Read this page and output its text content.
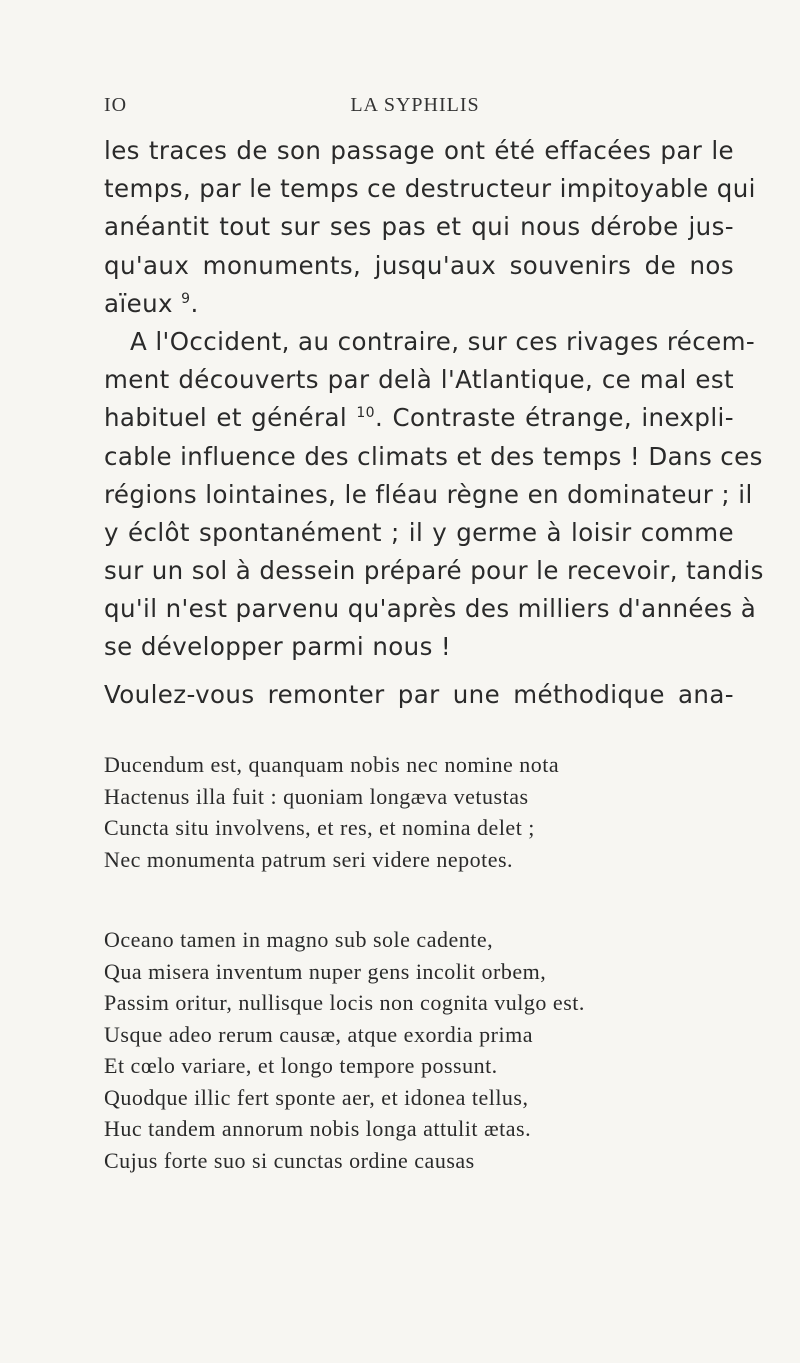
IO	LA SYPHILIS
les traces de son passage ont été effacées par le
temps, par le temps ce destructeur impitoyable qui
anéantit tout sur ses pas et qui nous dérobe jus-
qu'aux monuments, jusqu'aux souvenirs de nos
aïeux $^9$.
A l'Occident, au contraire, sur ces rivages récem-
ment découverts par delà l'Atlantique, ce mal est
habituel et général $^{10}$. Contraste étrange, inexpli-
cable influence des climats et des temps ! Dans ces
régions lointaines, le fléau règne en dominateur ; il
y éclôt spontanément ; il y germe à loisir comme
sur un sol à dessein préparé pour le recevoir, tandis
qu'il n'est parvenu qu'après des milliers d'années à
se développer parmi nous !
Voulez-vous remonter par une méthodique ana-
Ducendum est, quanquam nobis nec nomine nota
Hactenus illa fuit : quoniam longæva vetustas
Cuncta situ involvens, et res, et nomina delet ;
Nec monumenta patrum seri videre nepotes.
Oceano tamen in magno sub sole cadente,
Qua misera inventum nuper gens incolit orbem,
Passim oritur, nullisque locis non cognita vulgo est.
Usque adeo rerum causæ, atque exordia prima
Et cœlo variare, et longo tempore possunt.
Quodque illic fert sponte aer, et idonea tellus,
Huc tandem annorum nobis longa attulit ætas.
Cujus forte suo si cunctas ordine causas
